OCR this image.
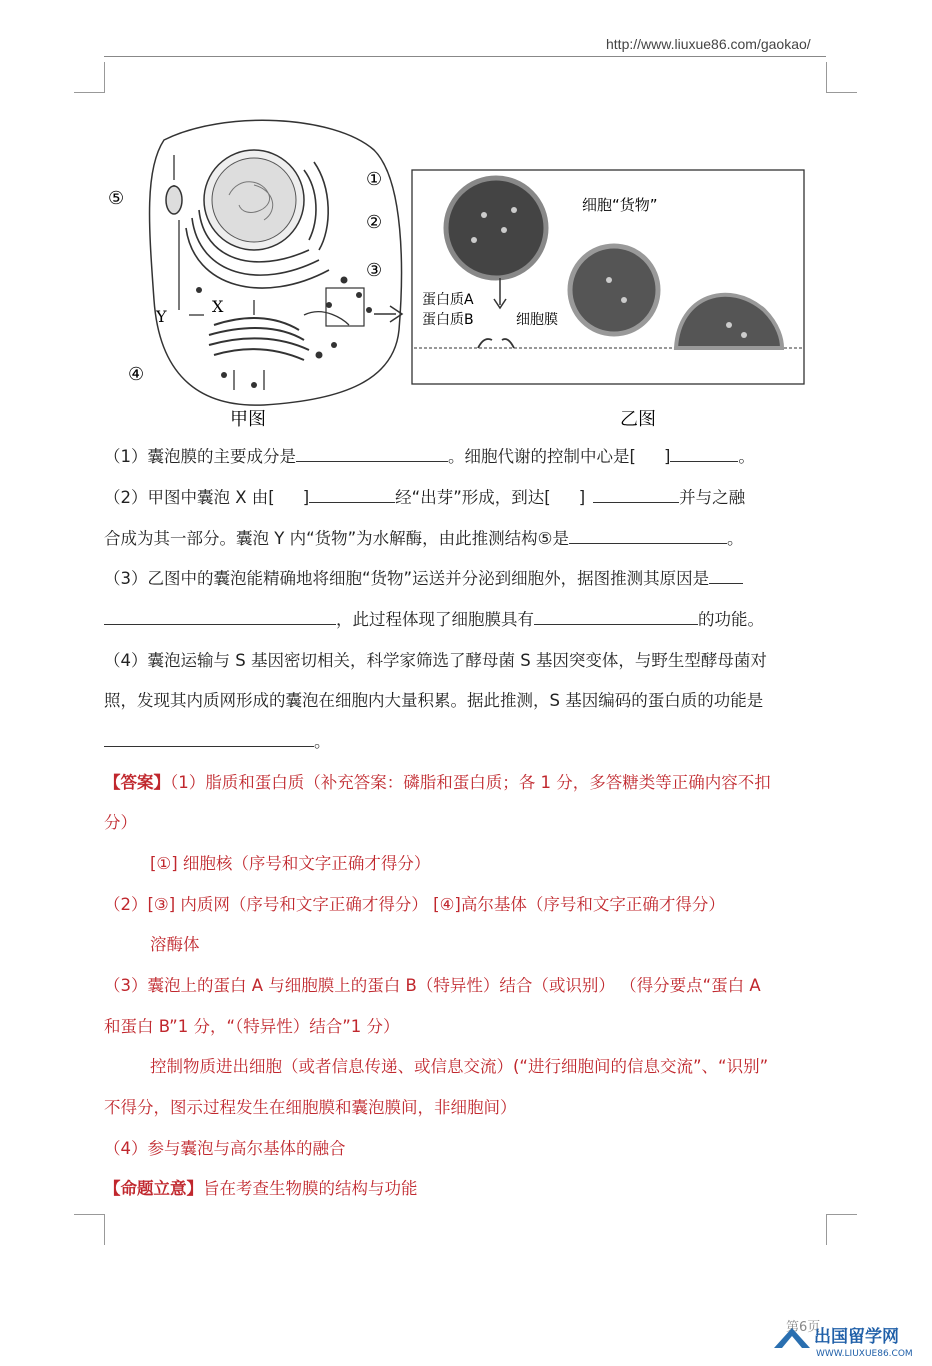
http://www.liuxue86.com/gaokao/
①
②
③
④
⑤
X
Y
甲图
细胞“货物”
蛋白质A
蛋白质B	细胞膜
乙图
（1）囊泡膜的主要成分是	。细胞代谢的控制中心是[ ]	。
（2）甲图中囊泡 X 由[ ]	经“出芽”形成，到达[ ]	并与之融
合成为其一部分。囊泡 Y 内“货物”为水解酶，由此推测结构⑤是	。
（3）乙图中的囊泡能精确地将细胞“货物”运送并分泌到细胞外，据图推测其原因是
，此过程体现了细胞膜具有	的功能。
（4）囊泡运输与 S 基因密切相关，科学家筛选了酵母菌 S 基因突变体，与野生型酵母菌对
照，发现其内质网形成的囊泡在细胞内大量积累。据此推测，S 基因编码的蛋白质的功能是
。
【答案】（1）脂质和蛋白质（补充答案：磷脂和蛋白质；各 1 分，多答糖类等正确内容不扣
分）
[①] 细胞核（序号和文字正确才得分）
（2）[③] 内质网（序号和文字正确才得分） [④]高尔基体（序号和文字正确才得分）
溶酶体
（3）囊泡上的蛋白 A 与细胞膜上的蛋白 B（特异性）结合（或识别） （得分要点“蛋白 A
和蛋白 B”1 分，“（特异性）结合”1 分）
控制物质进出细胞（或者信息传递、或信息交流）(“进行细胞间的信息交流”、“识别”
不得分，图示过程发生在细胞膜和囊泡膜间，非细胞间）
（4）参与囊泡与高尔基体的融合
【命题立意】旨在考查生物膜的结构与功能
第6页
出国留学网
WWW.LIUXUE86.COM
